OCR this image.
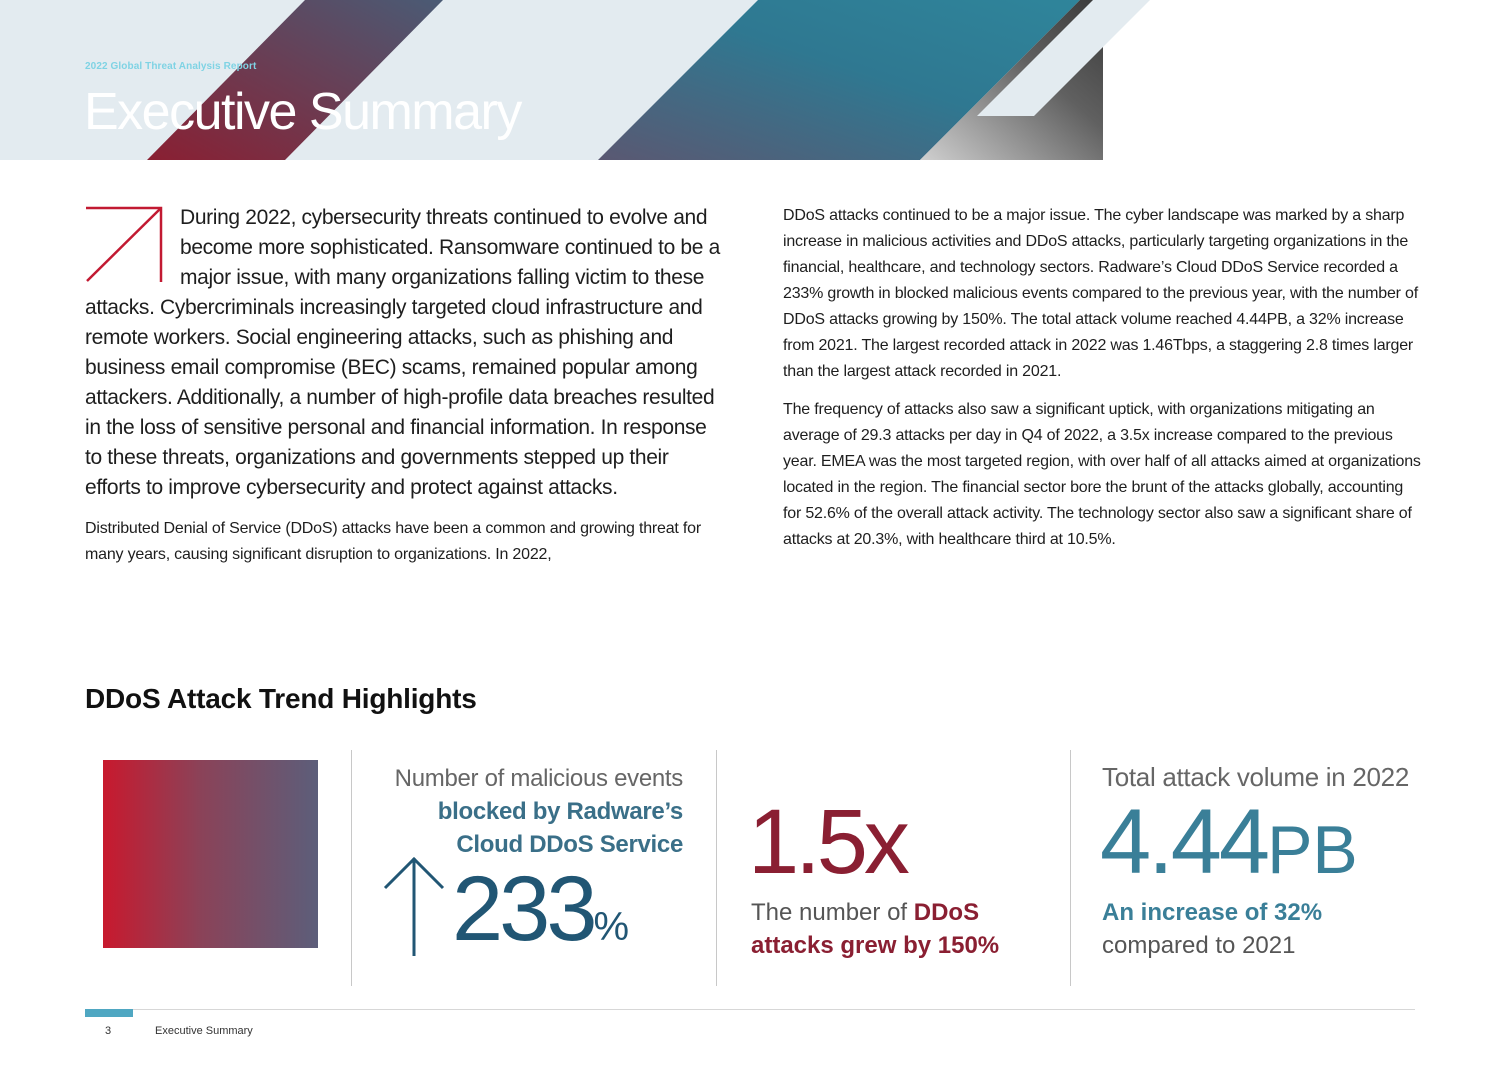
2022 Global Threat Analysis Report
Executive Summary

During 2022, cybersecurity threats continued to evolve and become more sophisticated. Ransomware continued to be a major issue, with many organizations falling victim to these attacks. Cybercriminals increasingly targeted cloud infrastructure and remote workers. Social engineering attacks, such as phishing and business email compromise (BEC) scams, remained popular among attackers. Additionally, a number of high-profile data breaches resulted in the loss of sensitive personal and financial information. In response to these threats, organizations and governments stepped up their efforts to improve cybersecurity and protect against attacks.

Distributed Denial of Service (DDoS) attacks have been a common and growing threat for many years, causing significant disruption to organizations. In 2022,

DDoS attacks continued to be a major issue. The cyber landscape was marked by a sharp increase in malicious activities and DDoS attacks, particularly targeting organizations in the financial, healthcare, and technology sectors. Radware’s Cloud DDoS Service recorded a 233% growth in blocked malicious events compared to the previous year, with the number of DDoS attacks growing by 150%. The total attack volume reached 4.44PB, a 32% increase from 2021. The largest recorded attack in 2022 was 1.46Tbps, a staggering 2.8 times larger than the largest attack recorded in 2021.

The frequency of attacks also saw a significant uptick, with organizations mitigating an average of 29.3 attacks per day in Q4 of 2022, a 3.5x increase compared to the previous year. EMEA was the most targeted region, with over half of all attacks aimed at organizations located in the region. The financial sector bore the brunt of the attacks globally, accounting for 52.6% of the overall attack activity. The technology sector also saw a significant share of attacks at 20.3%, with healthcare third at 10.5%.

DDoS Attack Trend Highlights
Number of malicious events
blocked by Radware’s
Cloud DDoS Service
233%
1.5x
The number of DDoS
attacks grew by 150%
Total attack volume in 2022
4.44PB
An increase of 32%
compared to 2021
3	Executive Summary
